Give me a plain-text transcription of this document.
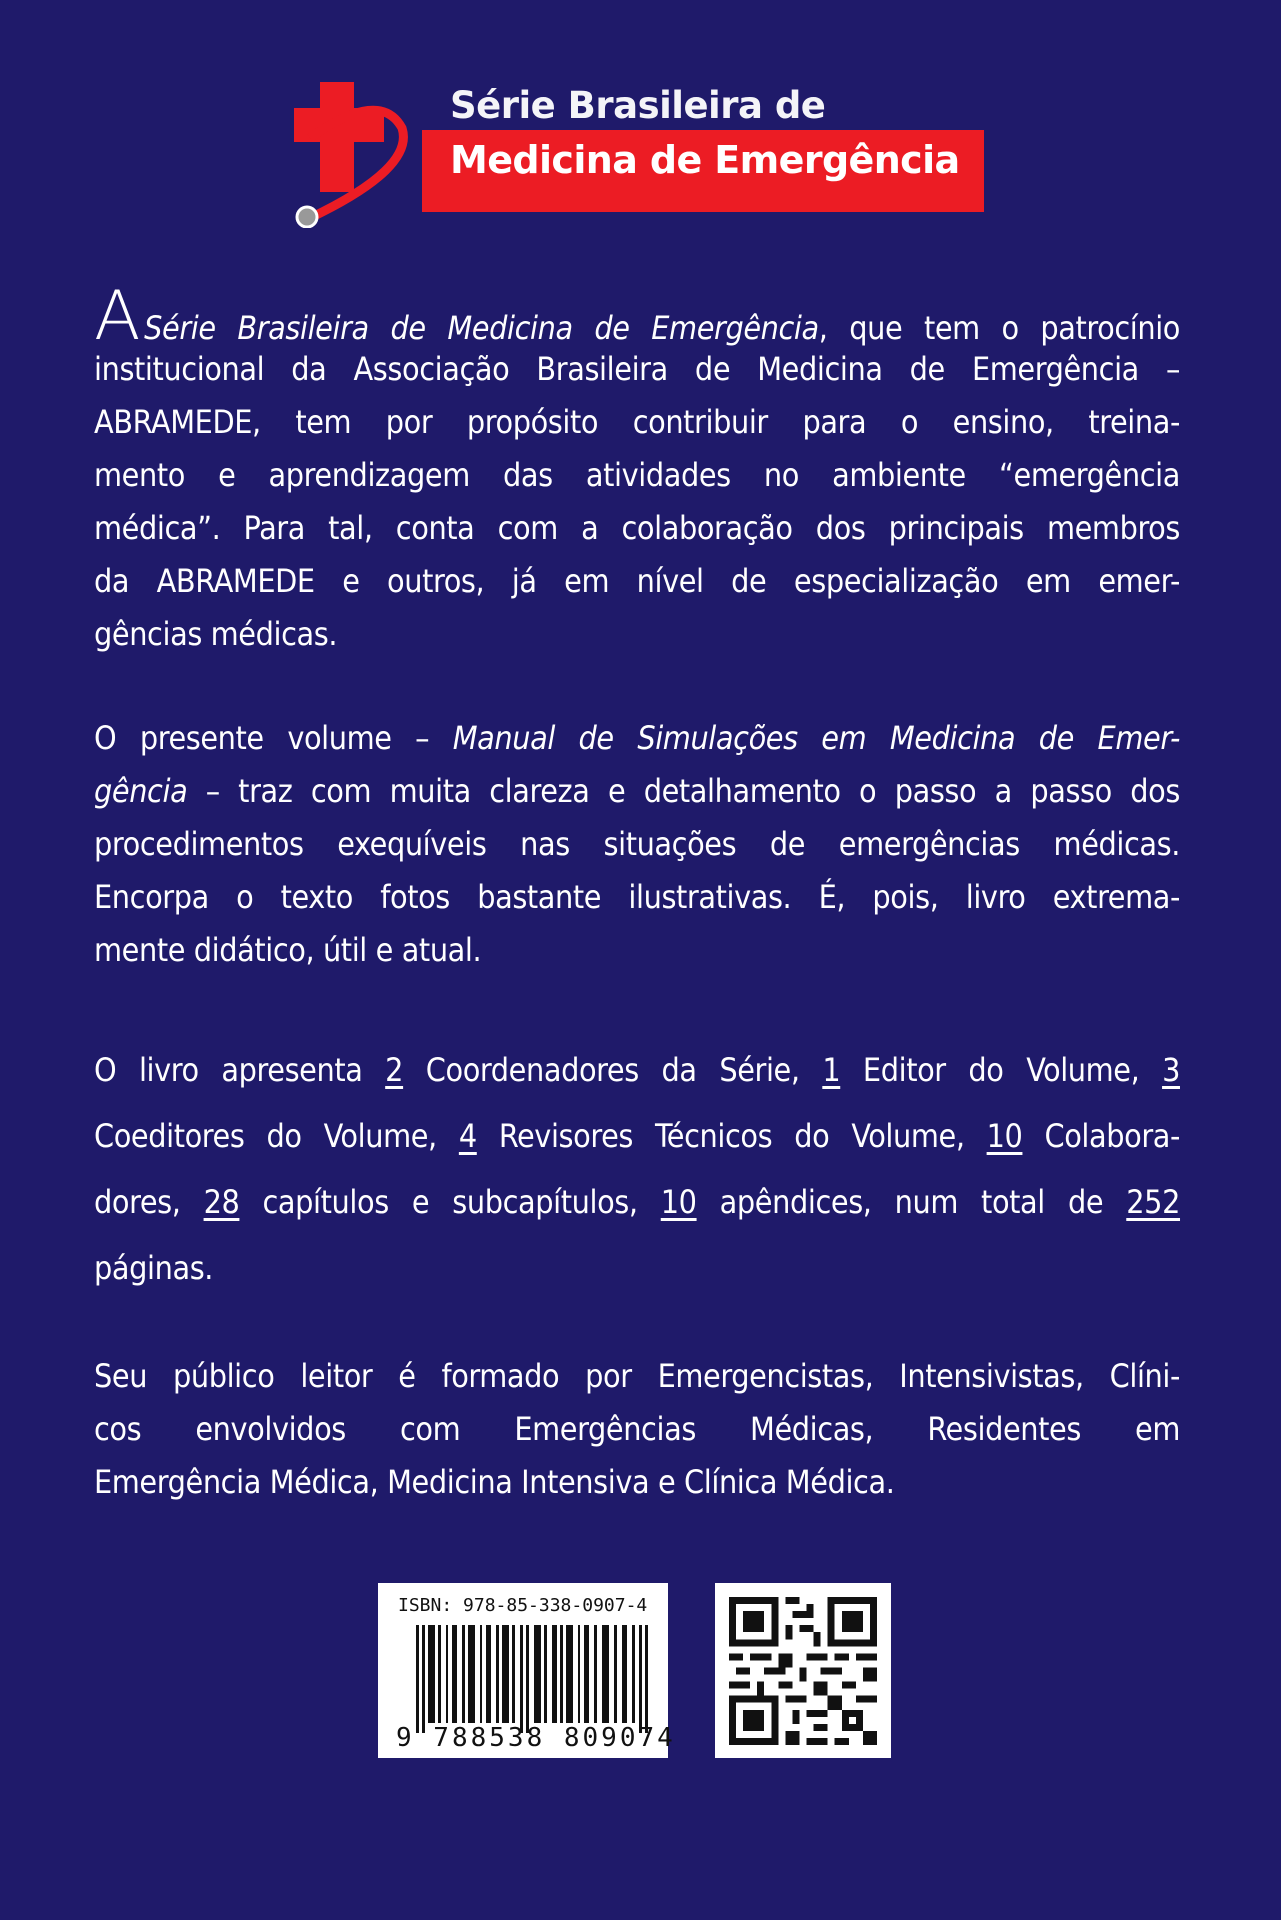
Série Brasileira de
Medicina de Emergência
A Série Brasileira de Medicina de Emergência, que tem o patrocínio
institucional da Associação Brasileira de Medicina de Emergência –
ABRAMEDE, tem por propósito contribuir para o ensino, treina-
mento e aprendizagem das atividades no ambiente “emergência
médica”. Para tal, conta com a colaboração dos principais membros
da ABRAMEDE e outros, já em nível de especialização em emer-
gências médicas.
O presente volume – Manual de Simulações em Medicina de Emer-
gência – traz com muita clareza e detalhamento o passo a passo dos
procedimentos exequíveis nas situações de emergências médicas.
Encorpa o texto fotos bastante ilustrativas. É, pois, livro extrema-
mente didático, útil e atual.
O livro apresenta 2 Coordenadores da Série, 1 Editor do Volume, 3
Coeditores do Volume, 4 Revisores Técnicos do Volume, 10 Colabora-
dores, 28 capítulos e subcapítulos, 10 apêndices, num total de 252
páginas.
Seu público leitor é formado por Emergencistas, Intensivistas, Clíni-
cos envolvidos com Emergências Médicas, Residentes em
Emergência Médica, Medicina Intensiva e Clínica Médica.
ISBN: 978-85-338-0907-4
9 788538 809074
